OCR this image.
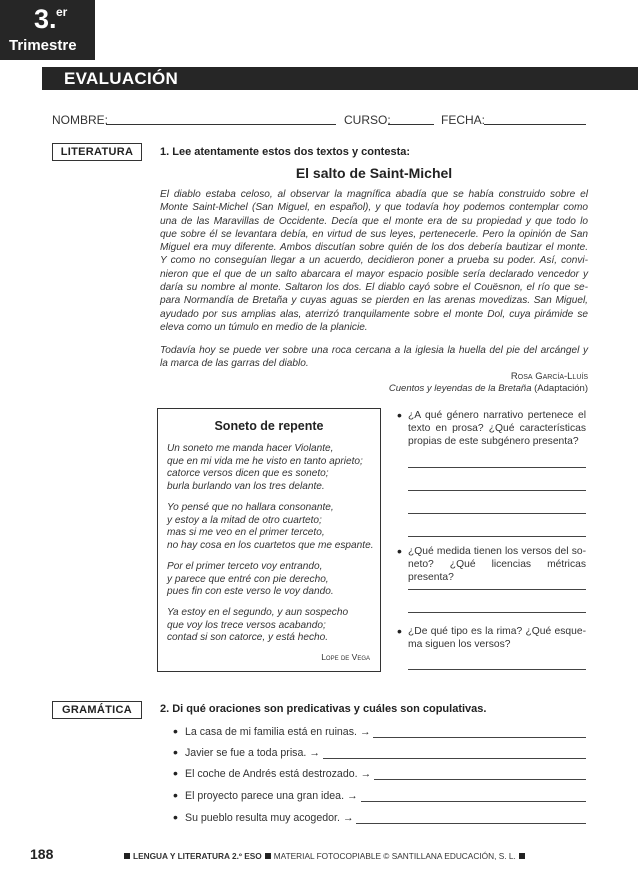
3. er
Trimestre
EVALUACIÓN
NOMBRE:	CURSO:	FECHA:
LITERATURA	1. Lee atentamente estos dos textos y contesta:
El salto de Saint-Michel
El diablo estaba celoso, al observar la magnífica abadía que se había construido sobre el
Monte Saint-Michel (San Miguel, en español), y que todavía hoy podemos contemplar como
una de las Maravillas de Occidente. Decía que el monte era de su propiedad y que todo lo
que sobre él se levantara debía, en virtud de sus leyes, pertenecerle. Pero la opinión de San
Miguel era muy diferente. Ambos discutían sobre quién de los dos debería bautizar el monte.
Y como no conseguían llegar a un acuerdo, decidieron poner a prueba su poder. Así, convi-
nieron que el que de un salto abarcara el mayor espacio posible sería declarado vencedor y
daría su nombre al monte. Saltaron los dos. El diablo cayó sobre el Couësnon, el río que se-
para Normandía de Bretaña y cuyas aguas se pierden en las arenas movedizas. San Miguel,
ayudado por sus amplias alas, aterrizó tranquilamente sobre el monte Dol, cuya pirámide se
eleva como un túmulo en medio de la planicie.
Todavía hoy se puede ver sobre una roca cercana a la iglesia la huella del pie del arcángel y
la marca de las garras del diablo.
Rosa García-Lluís
Cuentos y leyendas de la Bretaña (Adaptación)
Soneto de repente
Un soneto me manda hacer Violante,
que en mi vida me he visto en tanto aprieto;
catorce versos dicen que es soneto;
burla burlando van los tres delante.
Yo pensé que no hallara consonante,
y estoy a la mitad de otro cuarteto;
mas si me veo en el primer terceto,
no hay cosa en los cuartetos que me espante.
Por el primer terceto voy entrando,
y parece que entré con pie derecho,
pues fin con este verso le voy dando.
Ya estoy en el segundo, y aun sospecho
que voy los trece versos acabando;
contad si son catorce, y está hecho.
Lope de Vega
• ¿A qué género narrativo pertenece el
texto en prosa? ¿Qué características
propias de este subgénero presenta?
• ¿Qué medida tienen los versos del so-
neto? ¿Qué licencias métricas presenta?
• ¿De qué tipo es la rima? ¿Qué esque-
ma siguen los versos?
GRAMÁTICA	2. Di qué oraciones son predicativas y cuáles son copulativas.
• La casa de mi familia está en ruinas. →
• Javier se fue a toda prisa. →
• El coche de Andrés está destrozado. →
• El proyecto parece una gran idea. →
• Su pueblo resulta muy acogedor. →
188	LENGUA Y LITERATURA 2.º ESO MATERIAL FOTOCOPIABLE © SANTILLANA EDUCACIÓN, S. L.
